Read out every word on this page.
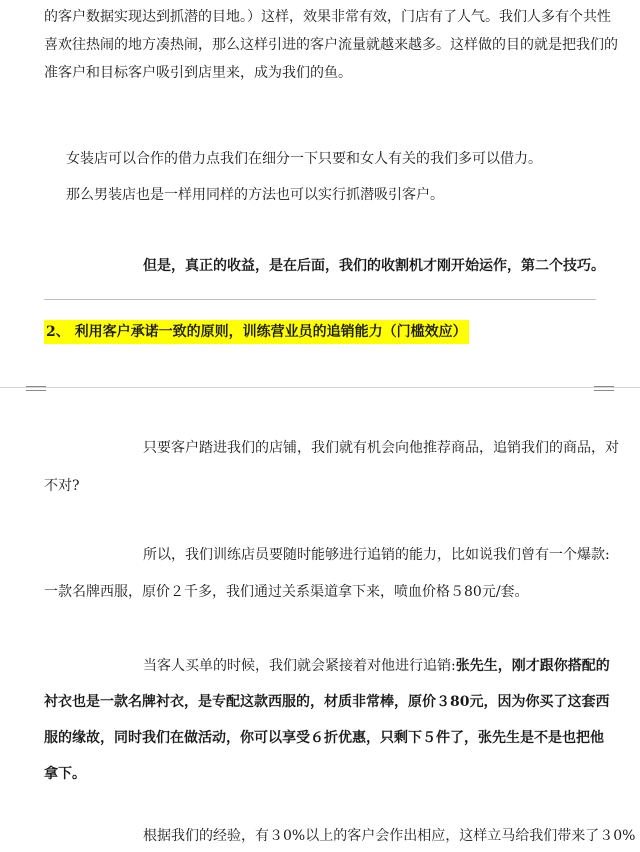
的客户数据实现达到抓潜的目地。）这样，效果非常有效，门店有了人气。我们人多有个共性
喜欢往热闹的地方凑热闹，那么这样引进的客户流量就越来越多。这样做的目的就是把我们的
准客户和目标客户吸引到店里来，成为我们的鱼。
女装店可以合作的借力点我们在细分一下只要和女人有关的我们多可以借力。
那么男装店也是一样用同样的方法也可以实行抓潜吸引客户。
但是，真正的收益，是在后面，我们的收割机才刚开始运作，第二个技巧。
2、 利用客户承诺一致的原则，训练营业员的追销能力（门槛效应）
只要客户踏进我们的店铺，我们就有机会向他推荐商品，追销我们的商品，对
不对?
所以，我们训练店员要随时能够进行追销的能力，比如说我们曾有一个爆款:
一款名牌西服，原价２千多，我们通过关系渠道拿下来，喷血价格５80元/套。
当客人买单的时候，我们就会紧接着对他进行追销:张先生，刚才跟你搭配的
衬衣也是一款名牌衬衣，是专配这款西服的，材质非常棒，原价３80元，因为你买了这套西
服的缘故，同时我们在做活动，你可以享受６折优惠，只剩下５件了，张先生是不是也把他
拿下。
根据我们的经验，有３0%以上的客户会作出相应，这样立马给我们带来了３0%
